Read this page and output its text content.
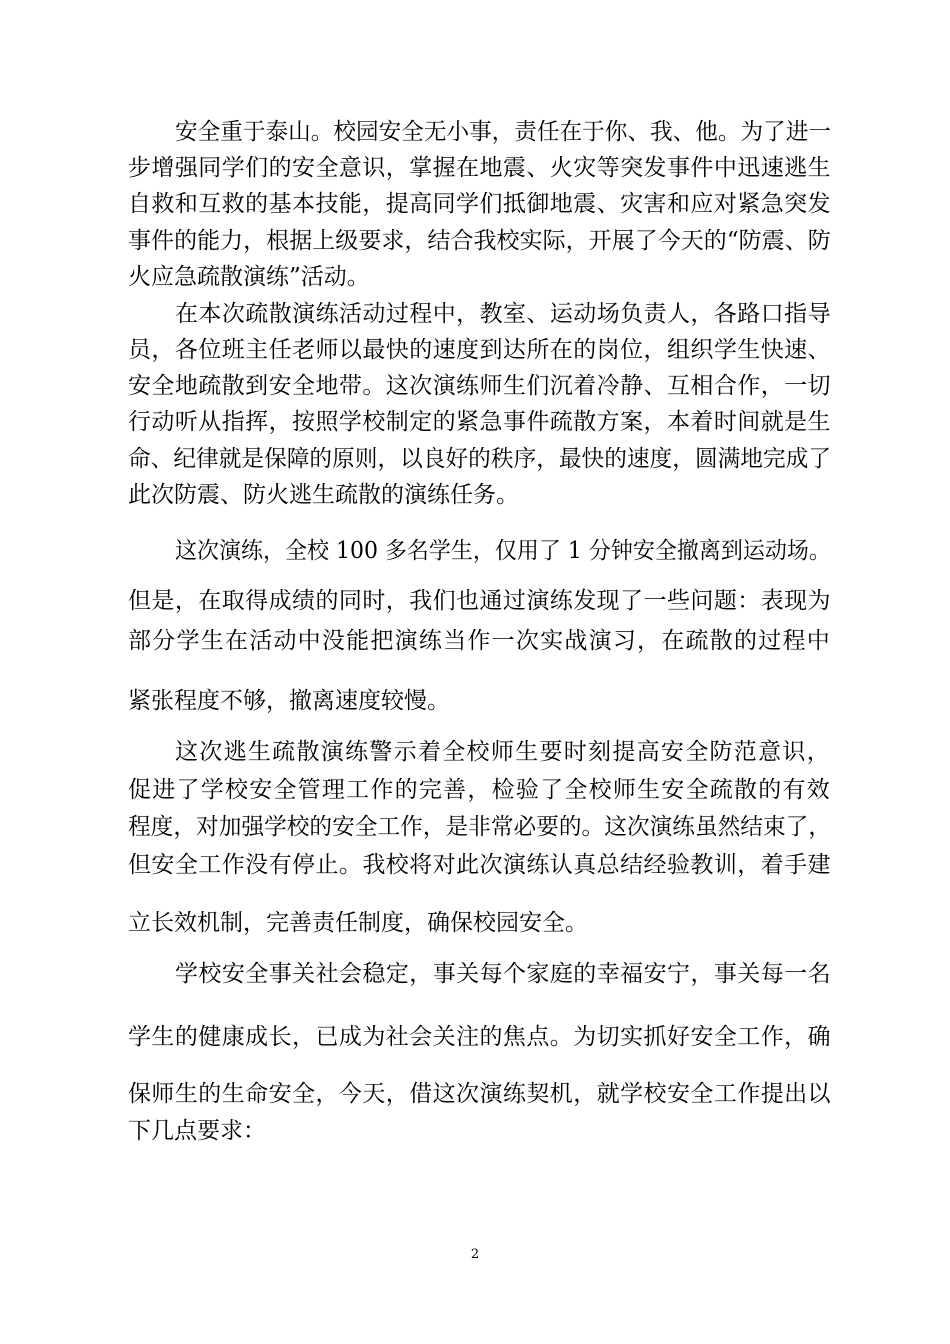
安全重于泰山。校园安全无小事，责任在于你、我、他。为了进一
步增强同学们的安全意识，掌握在地震、火灾等突发事件中迅速逃生
自救和互救的基本技能，提高同学们抵御地震、灾害和应对紧急突发
事件的能力，根据上级要求，结合我校实际，开展了今天的“防震、防
火应急疏散演练”活动。
在本次疏散演练活动过程中，教室、运动场负责人，各路口指导
员，各位班主任老师以最快的速度到达所在的岗位，组织学生快速、
安全地疏散到安全地带。这次演练师生们沉着冷静、互相合作，一切
行动听从指挥，按照学校制定的紧急事件疏散方案，本着时间就是生
命、纪律就是保障的原则，以良好的秩序，最快的速度，圆满地完成了
此次防震、防火逃生疏散的演练任务。
这次演练，全校 100 多名学生，仅用了 1 分钟安全撤离到运动场。
但是，在取得成绩的同时，我们也通过演练发现了一些问题：表现为
部分学生在活动中没能把演练当作一次实战演习，在疏散的过程中
紧张程度不够，撤离速度较慢。
这次逃生疏散演练警示着全校师生要时刻提高安全防范意识，
促进了学校安全管理工作的完善，检验了全校师生安全疏散的有效
程度，对加强学校的安全工作，是非常必要的。这次演练虽然结束了，
但安全工作没有停止。我校将对此次演练认真总结经验教训，着手建
立长效机制，完善责任制度，确保校园安全。
学校安全事关社会稳定，事关每个家庭的幸福安宁，事关每一名
学生的健康成长，已成为社会关注的焦点。为切实抓好安全工作，确
保师生的生命安全，今天，借这次演练契机，就学校安全工作提出以
下几点要求：
2
